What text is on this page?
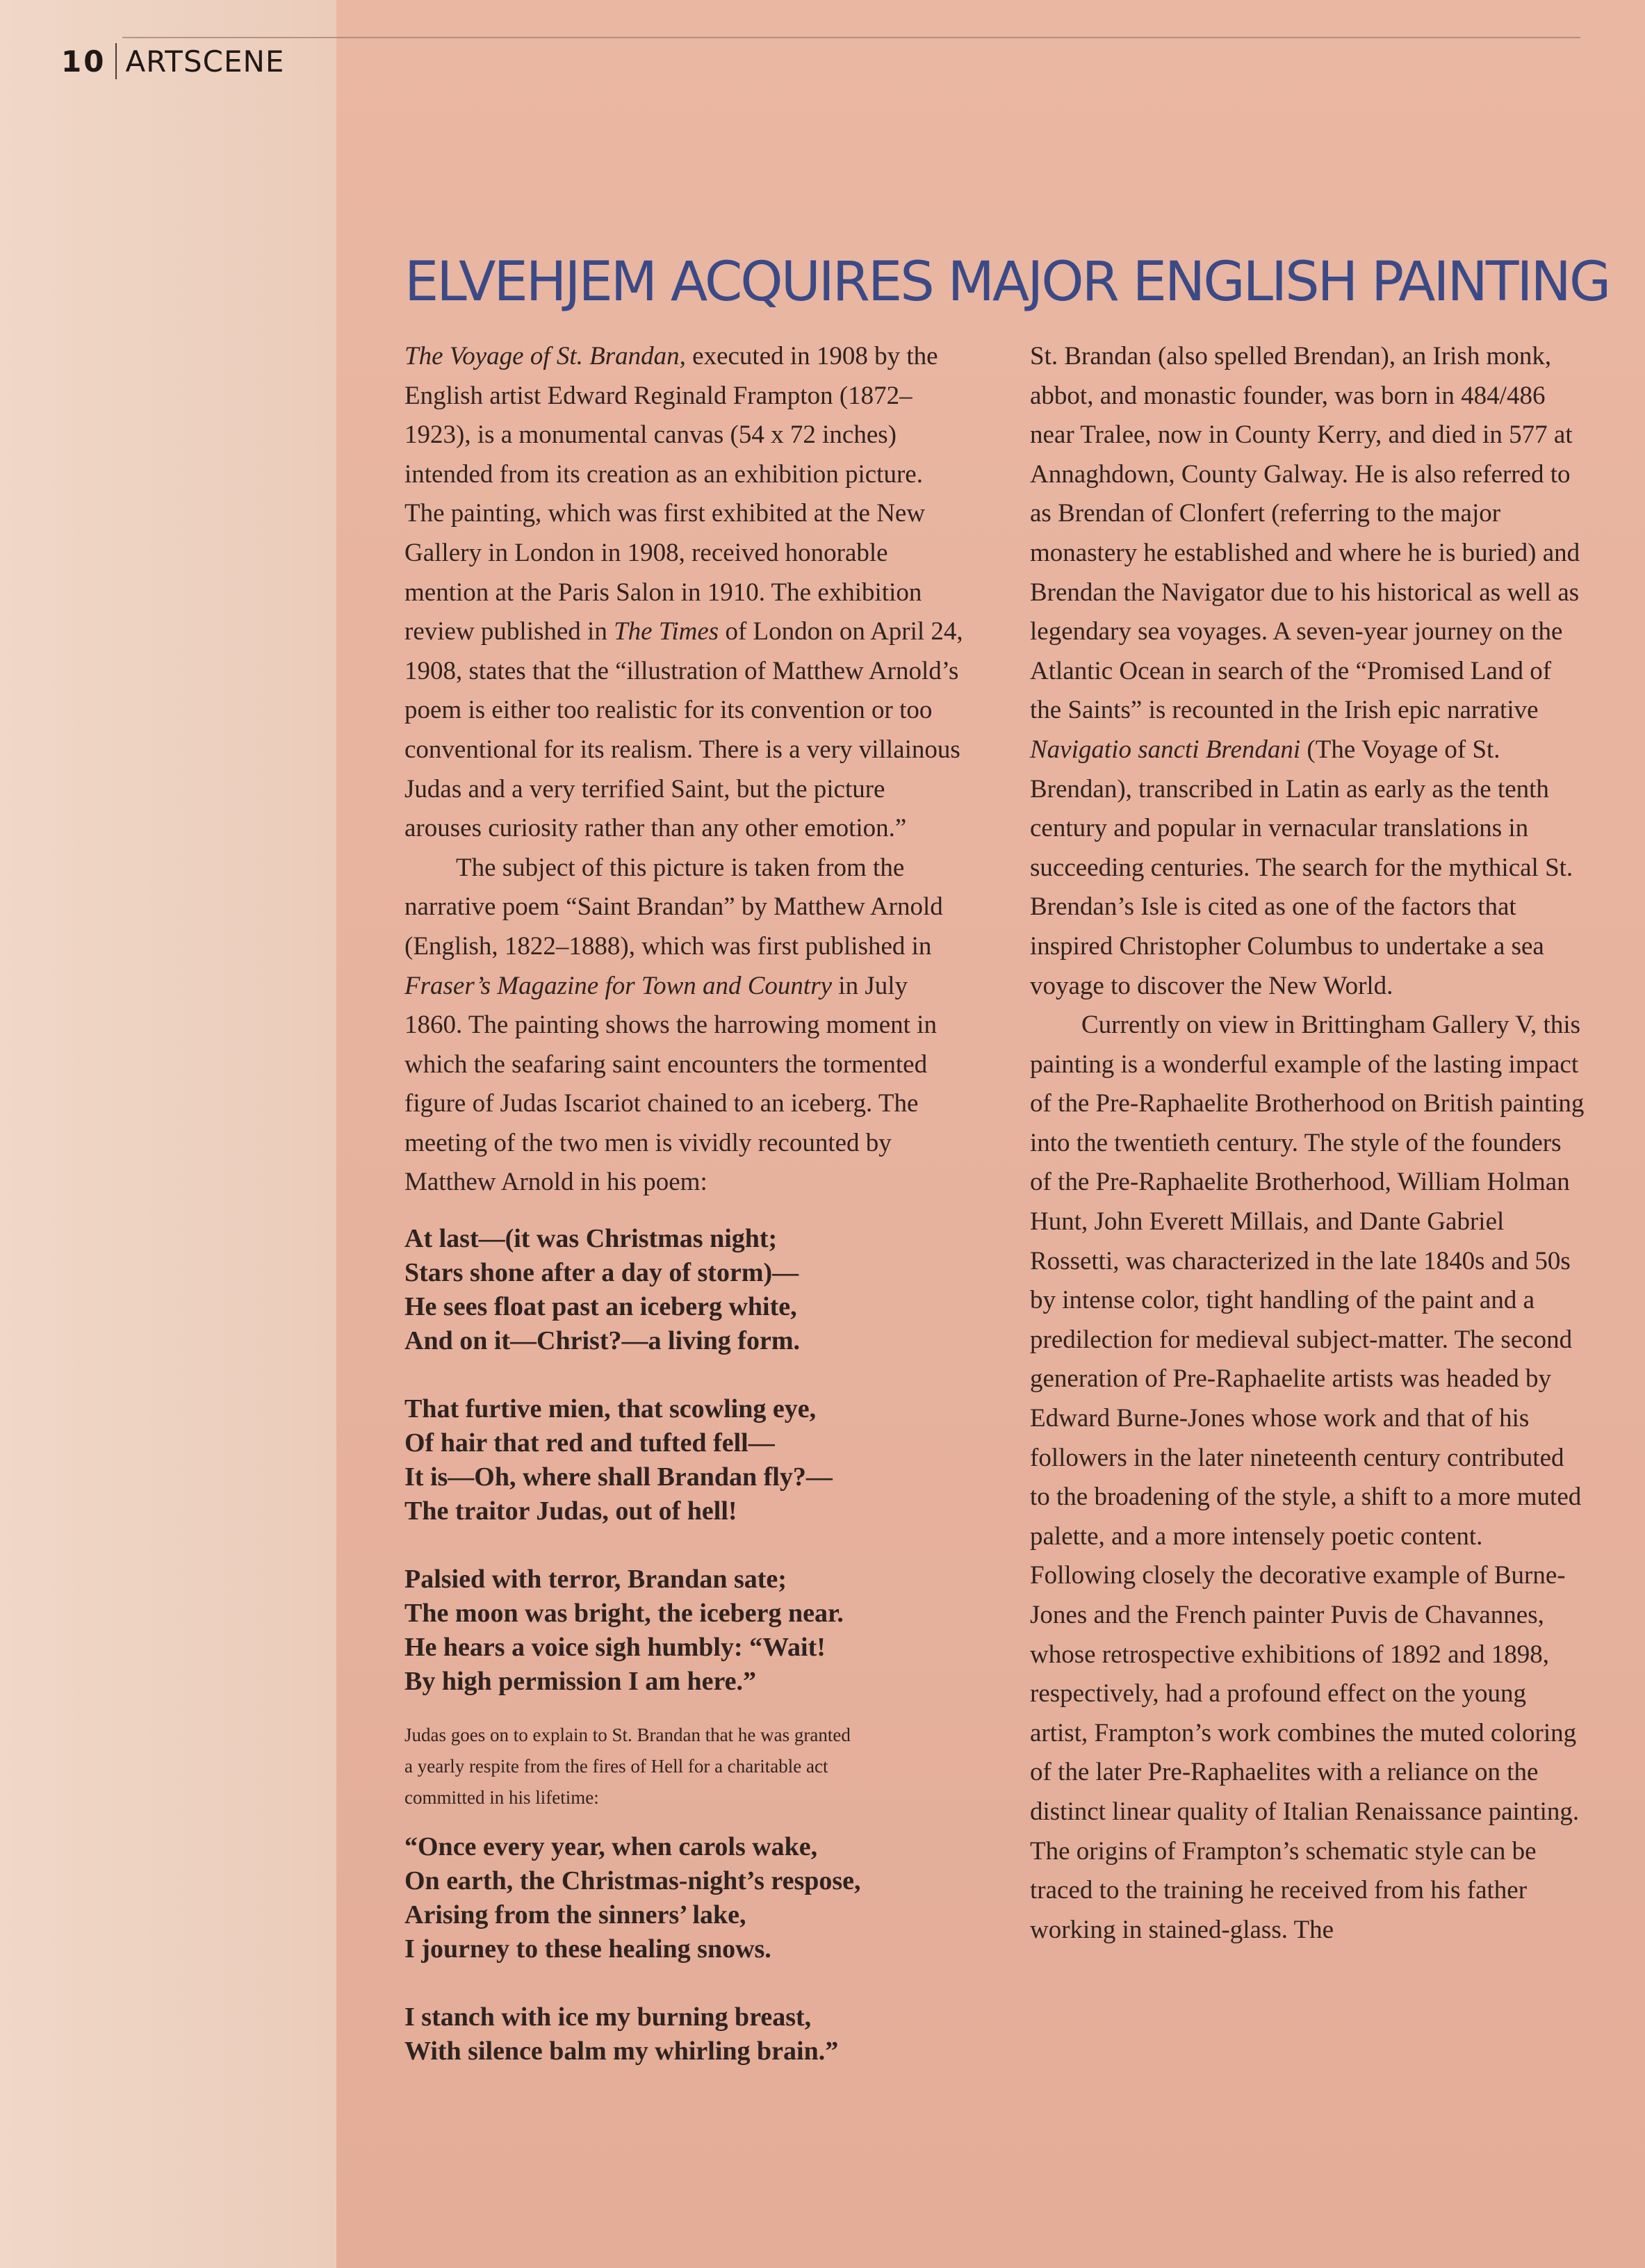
10 ARTSCENE
ELVEHJEM ACQUIRES MAJOR ENGLISH PAINTING

The Voyage of St. Brandan, executed in 1908 by the English artist Edward Reginald Frampton (1872–1923), is a monumental canvas (54 x 72 inches) intended from its creation as an exhibition picture. The painting, which was first exhibited at the New Gallery in London in 1908, received honorable mention at the Paris Salon in 1910. The exhibition review published in The Times of London on April 24, 1908, states that the “illustration of Matthew Arnold’s poem is either too realistic for its convention or too conventional for its realism. There is a very villainous Judas and a very terrified Saint, but the picture arouses curiosity rather than any other emotion.”

The subject of this picture is taken from the narrative poem “Saint Brandan” by Matthew Arnold (English, 1822–1888), which was first published in Fraser’s Magazine for Town and Country in July 1860. The painting shows the harrowing moment in which the seafaring saint encounters the tormented figure of Judas Iscariot chained to an iceberg. The meeting of the two men is vividly recounted by Matthew Arnold in his poem:

At last—(it was Christmas night;
Stars shone after a day of storm)—
He sees float past an iceberg white,
And on it—Christ?—a living form.
That furtive mien, that scowling eye,
Of hair that red and tufted fell—
It is—Oh, where shall Brandan fly?—
The traitor Judas, out of hell!
Palsied with terror, Brandan sate;
The moon was bright, the iceberg near.
He hears a voice sigh humbly: “Wait!
By high permission I am here.”

Judas goes on to explain to St. Brandan that he was granted a yearly respite from the fires of Hell for a charitable act committed in his lifetime:

“Once every year, when carols wake,
On earth, the Christmas-night’s respose,
Arising from the sinners’ lake,
I journey to these healing snows.
I stanch with ice my burning breast,
With silence balm my whirling brain.”

St. Brandan (also spelled Brendan), an Irish monk, abbot, and monastic founder, was born in 484/486 near Tralee, now in County Kerry, and died in 577 at Annaghdown, County Galway. He is also referred to as Brendan of Clonfert (referring to the major monastery he established and where he is buried) and Brendan the Navigator due to his historical as well as legendary sea voyages. A seven-year journey on the Atlantic Ocean in search of the “Promised Land of the Saints” is recounted in the Irish epic narrative Navigatio sancti Brendani (The Voyage of St. Brendan), transcribed in Latin as early as the tenth century and popular in vernacular translations in succeeding centuries. The search for the mythical St. Brendan’s Isle is cited as one of the factors that inspired Christopher Columbus to undertake a sea voyage to discover the New World.

Currently on view in Brittingham Gallery V, this painting is a wonderful example of the lasting impact of the Pre-Raphaelite Brotherhood on British painting into the twentieth century. The style of the founders of the Pre-Raphaelite Brotherhood, William Holman Hunt, John Everett Millais, and Dante Gabriel Rossetti, was characterized in the late 1840s and 50s by intense color, tight handling of the paint and a predilection for medieval subject-matter. The second generation of Pre-Raphaelite artists was headed by Edward Burne-Jones whose work and that of his followers in the later nineteenth century contributed to the broadening of the style, a shift to a more muted palette, and a more intensely poetic content. Following closely the decorative example of Burne-Jones and the French painter Puvis de Chavannes, whose retrospective exhibitions of 1892 and 1898, respectively, had a profound effect on the young artist, Frampton’s work combines the muted coloring of the later Pre-Raphaelites with a reliance on the distinct linear quality of Italian Renaissance painting. The origins of Frampton’s schematic style can be traced to the training he received from his father working in stained-glass. The
